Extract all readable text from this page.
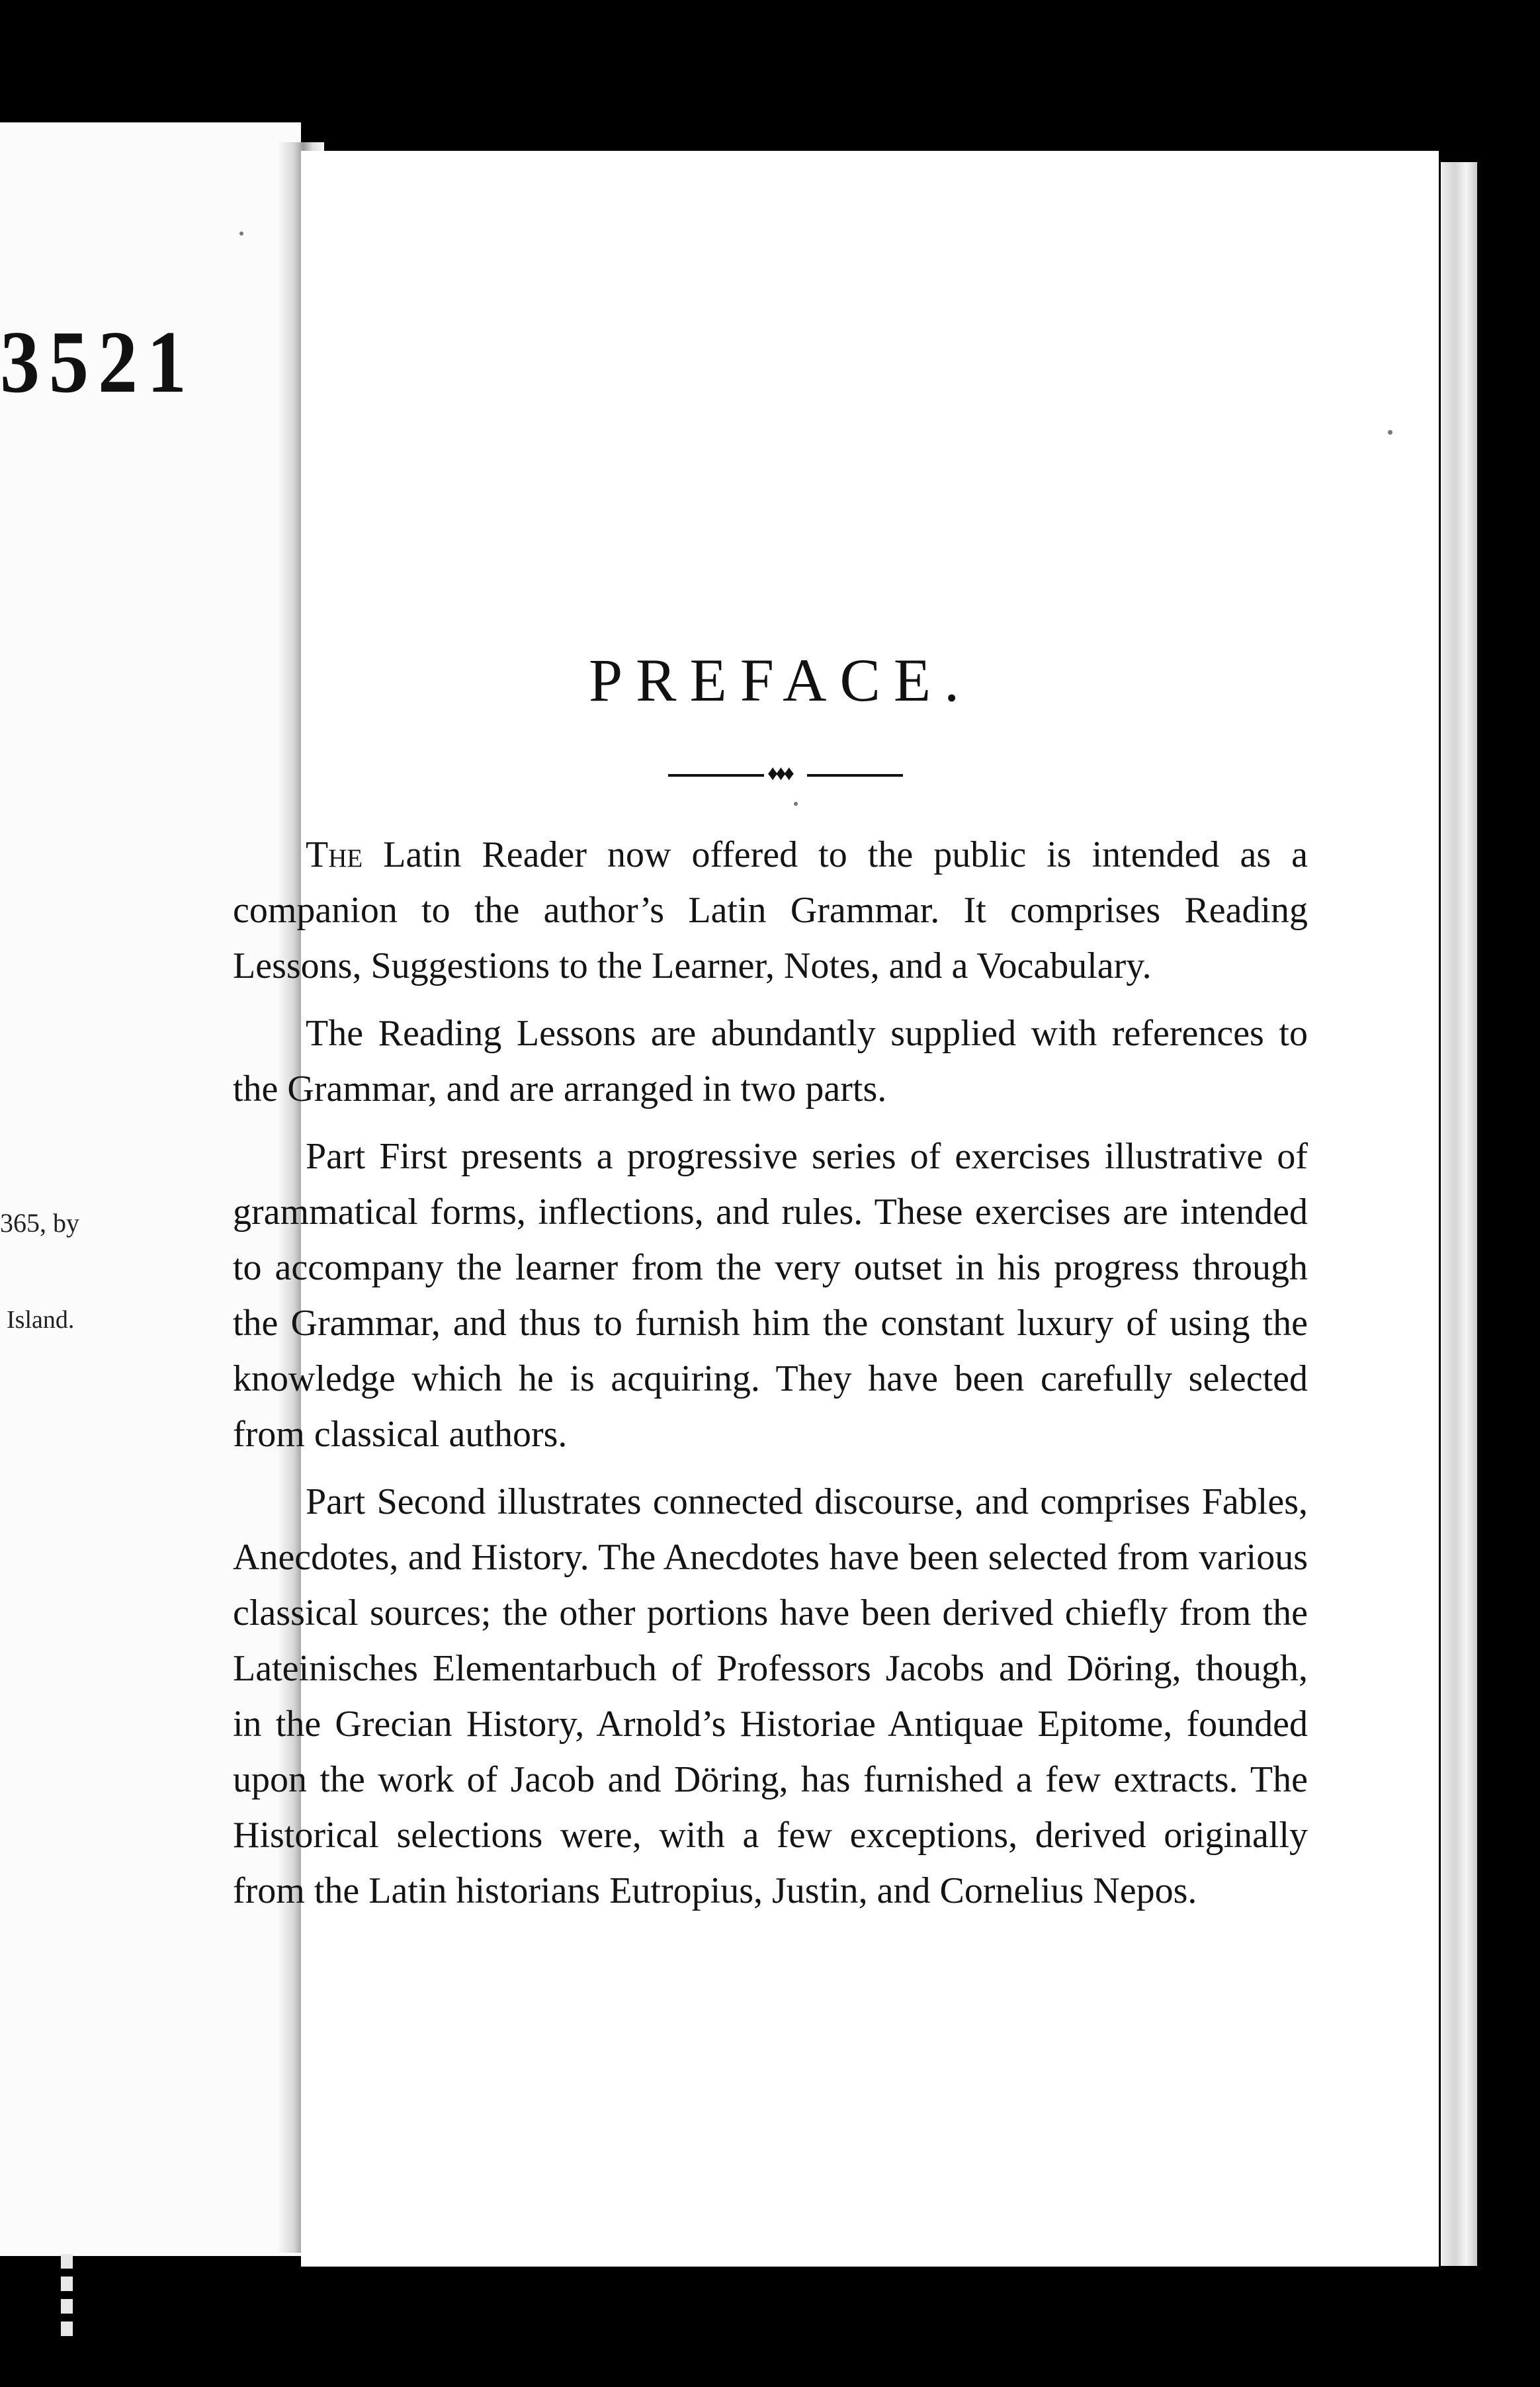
3521
365, by
Island.
PREFACE.
♦♦♦

The Latin Reader now offered to the public is intended as a companion to the author’s Latin Grammar. It comprises Reading Lessons, Suggestions to the Learner, Notes, and a Vocabulary.

The Reading Lessons are abundantly supplied with references to the Grammar, and are arranged in two parts.

Part First presents a progressive series of exercises illustrative of grammatical forms, inflections, and rules. These exercises are intended to accompany the learner from the very outset in his progress through the Grammar, and thus to furnish him the constant luxury of using the knowledge which he is acquiring. They have been carefully selected from classical authors.

Part Second illustrates connected discourse, and comprises Fables, Anecdotes, and History. The Anecdotes have been selected from various classical sources; the other portions have been derived chiefly from the Lateinisches Elementarbuch of Professors Jacobs and Döring, though, in the Grecian History, Arnold’s Historiae Antiquae Epitome, founded upon the work of Jacob and Döring, has furnished a few extracts. The Historical selections were, with a few exceptions, derived originally from the Latin historians Eutropius, Justin, and Cornelius Nepos.
